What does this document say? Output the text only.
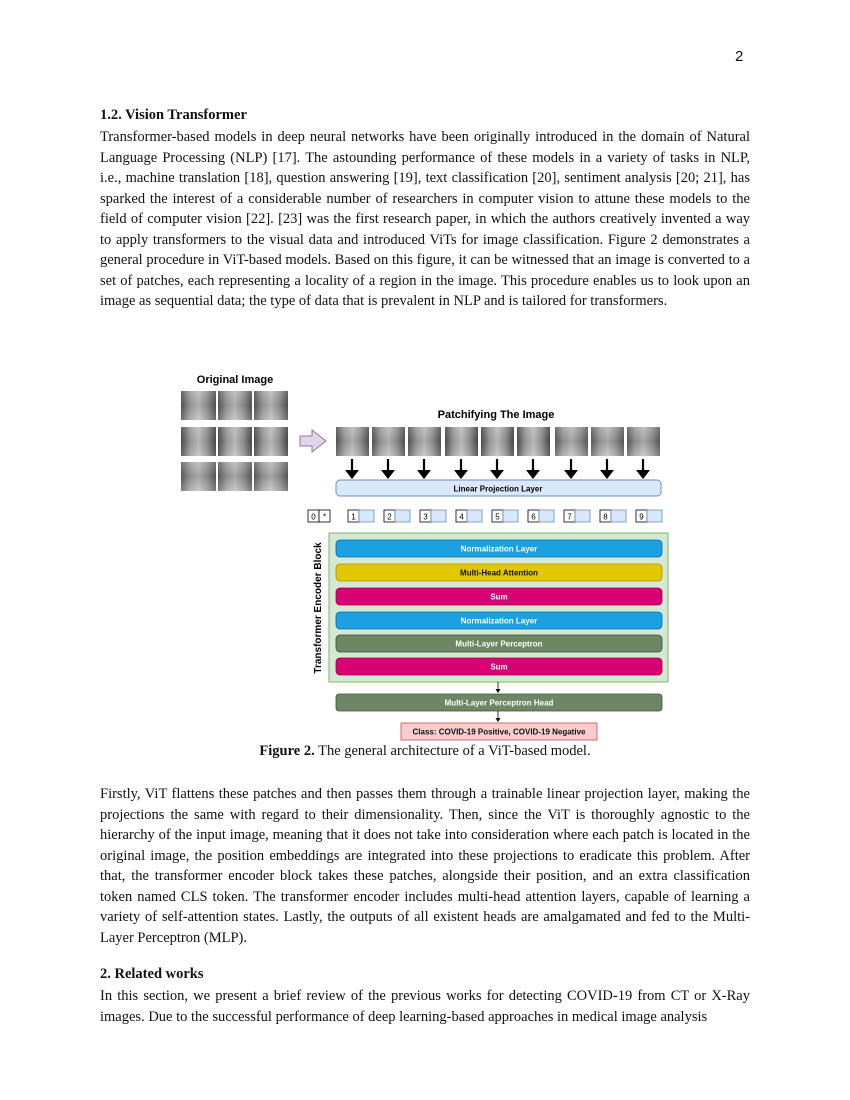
2
1.2. Vision Transformer

Transformer-based models in deep neural networks have been originally introduced in the domain of Natural Language Processing (NLP) [17]. The astounding performance of these models in a variety of tasks in NLP, i.e., machine translation [18], question answering [19], text classification [20], sentiment analysis [20; 21], has sparked the interest of a considerable number of researchers in computer vision to attune these models to the field of computer vision [22]. [23] was the first research paper, in which the authors creatively invented a way to apply transformers to the visual data and introduced ViTs for image classification. Figure 2 demonstrates a general procedure in ViT-based models. Based on this figure, it can be witnessed that an image is converted to a set of patches, each representing a locality of a region in the image. This procedure enables us to look upon an image as sequential data; the type of data that is prevalent in NLP and is tailored for transformers.

Original Image
Patchifying The Image
Linear Projection Layer
0 *	1	2	3	4	5	6	7	8	9
Transformer Encoder Block	Normalization Layer
Multi-Head Attention
Sum
Normalization Layer
Multi-Layer Perceptron
Sum
Multi-Layer Perceptron Head
Class: COVID-19 Positive, COVID-19 Negative

Figure 2. The general architecture of a ViT-based model.

Firstly, ViT flattens these patches and then passes them through a trainable linear projection layer, making the projections the same with regard to their dimensionality. Then, since the ViT is thoroughly agnostic to the hierarchy of the input image, meaning that it does not take into consideration where each patch is located in the original image, the position embeddings are integrated into these projections to eradicate this problem. After that, the transformer encoder block takes these patches, alongside their position, and an extra classification token named CLS token. The transformer encoder includes multi-head attention layers, capable of learning a variety of self-attention states. Lastly, the outputs of all existent heads are amalgamated and fed to the Multi-Layer Perceptron (MLP).

2. Related works

In this section, we present a brief review of the previous works for detecting COVID-19 from CT or X-Ray images. Due to the successful performance of deep learning-based approaches in medical image analysis
